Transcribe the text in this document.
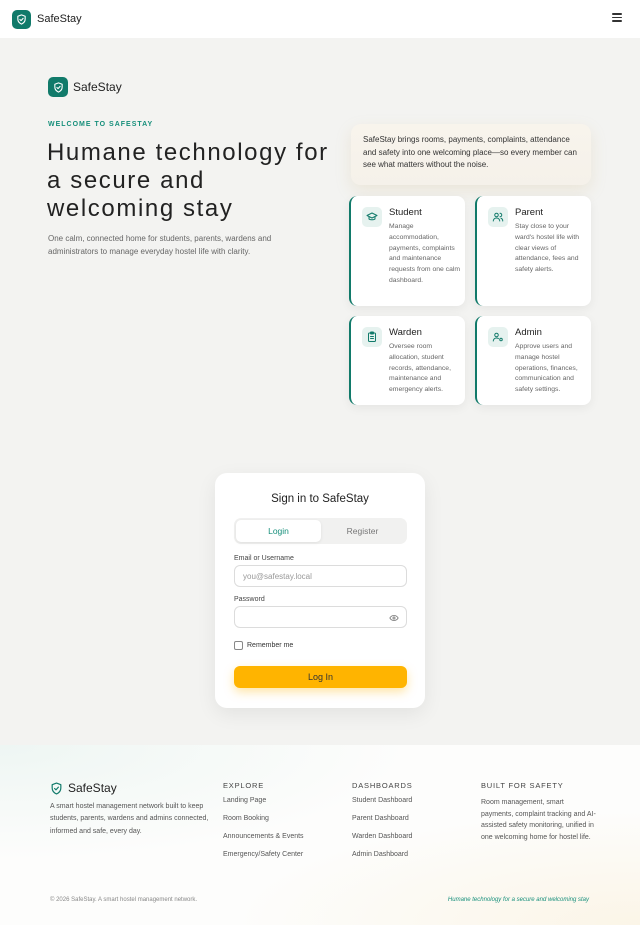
SafeStay
SafeStay
WELCOME TO SAFESTAY
Humane technology for a secure and welcoming stay

One calm, connected home for students, parents, wardens and administrators to manage everyday hostel life with clarity.

SafeStay brings rooms, payments, complaints, attendance and safety into one welcoming place—so every member can see what matters without the noise.
Student
Manage accommodation, payments, complaints and maintenance requests from one calm dashboard.
Parent
Stay close to your ward's hostel life with clear views of attendance, fees and safety alerts.
Warden
Oversee room allocation, student records, attendance, maintenance and emergency alerts.
Admin
Approve users and manage hostel operations, finances, communication and safety settings.
Sign in to SafeStay
Login	Register
Email or Username
you@safestay.local
Password
Remember me
Log In
SafeStay

A smart hostel management network built to keep students, parents, wardens and admins connected, informed and safe, every day.

EXPLORE
Landing Page
Room Booking
Announcements & Events
Emergency/Safety Center
DASHBOARDS
Student Dashboard
Parent Dashboard
Warden Dashboard
Admin Dashboard
BUILT FOR SAFETY

Room management, smart payments, complaint tracking and AI-assisted safety monitoring, unified in one welcoming home for hostel life.

© 2026 SafeStay. A smart hostel management network.	Humane technology for a secure and welcoming stay
